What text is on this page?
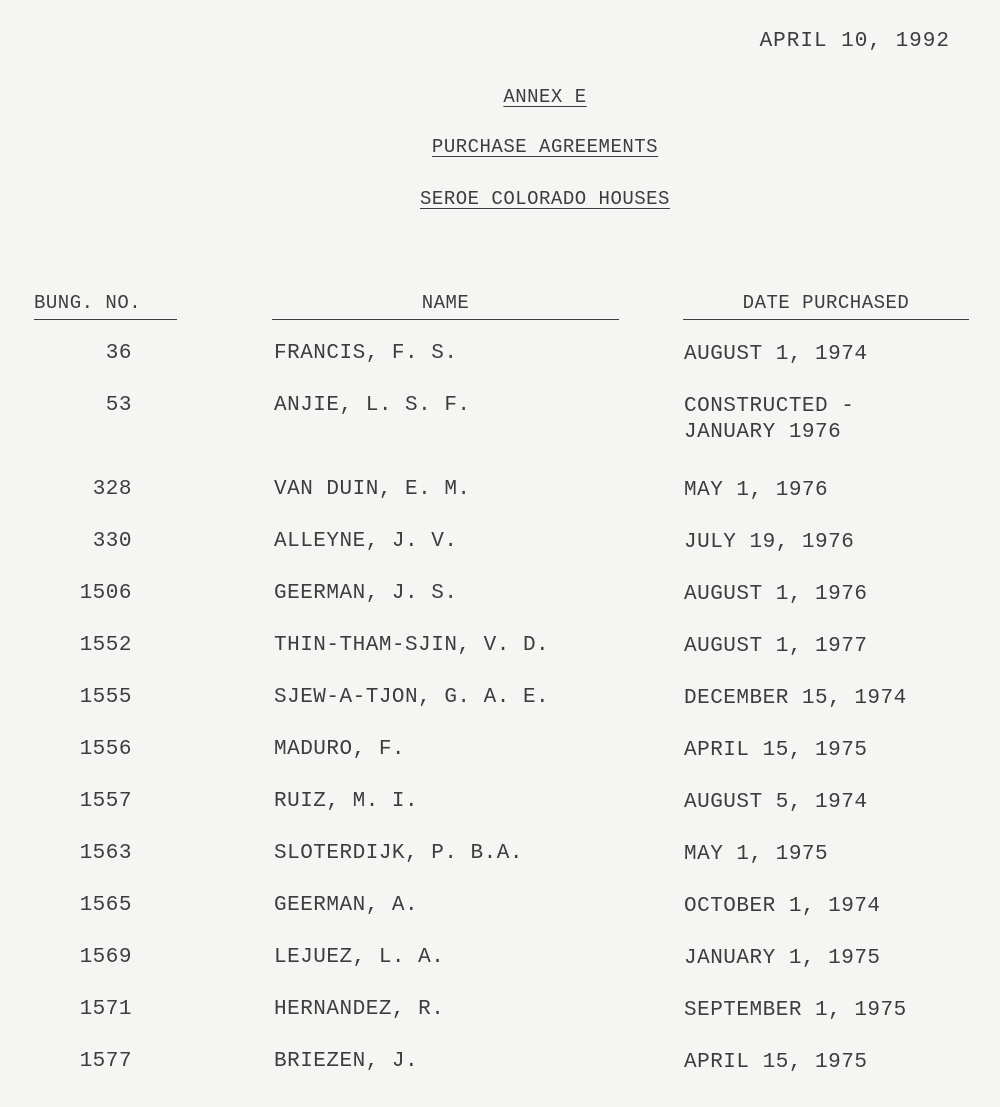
APRIL 10, 1992
ANNEX E
PURCHASE AGREEMENTS
SEROE COLORADO HOUSES
BUNG. NO.	NAME	DATE PURCHASED
36	FRANCIS, F. S.	AUGUST 1, 1974
53	ANJIE, L. S. F.	CONSTRUCTED -
JANUARY 1976
328	VAN DUIN, E. M.	MAY 1, 1976
330	ALLEYNE, J. V.	JULY 19, 1976
1506	GEERMAN, J. S.	AUGUST 1, 1976
1552	THIN-THAM-SJIN, V. D.	AUGUST 1, 1977
1555	SJEW-A-TJON, G. A. E.	DECEMBER 15, 1974
1556	MADURO, F.	APRIL 15, 1975
1557	RUIZ, M. I.	AUGUST 5, 1974
1563	SLOTERDIJK, P. B.A.	MAY 1, 1975
1565	GEERMAN, A.	OCTOBER 1, 1974
1569	LEJUEZ, L. A.	JANUARY 1, 1975
1571	HERNANDEZ, R.	SEPTEMBER 1, 1975
1577	BRIEZEN, J.	APRIL 15, 1975
